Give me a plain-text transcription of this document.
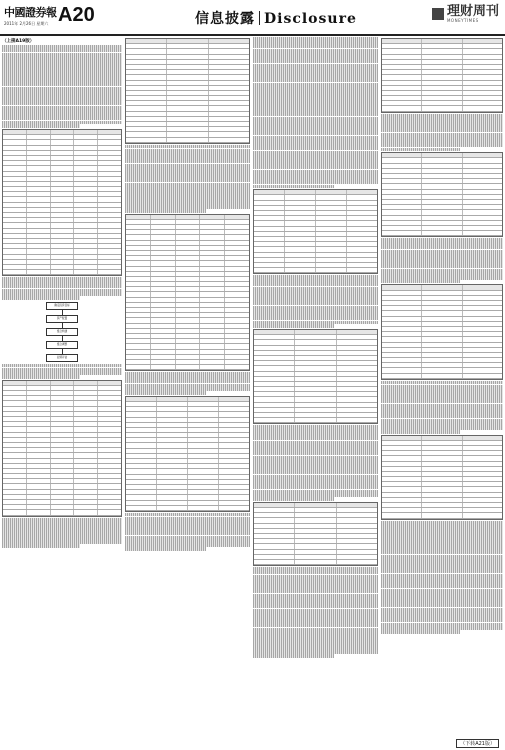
中國證券報
2011年 2月26日 星期六 A20	信息披露 Disclosure	理财周刊
MONEYTIMES
（上接A19版）
确定投资目标
资产配置
组合构建
组合调整
业绩评估
（下转A21版）
